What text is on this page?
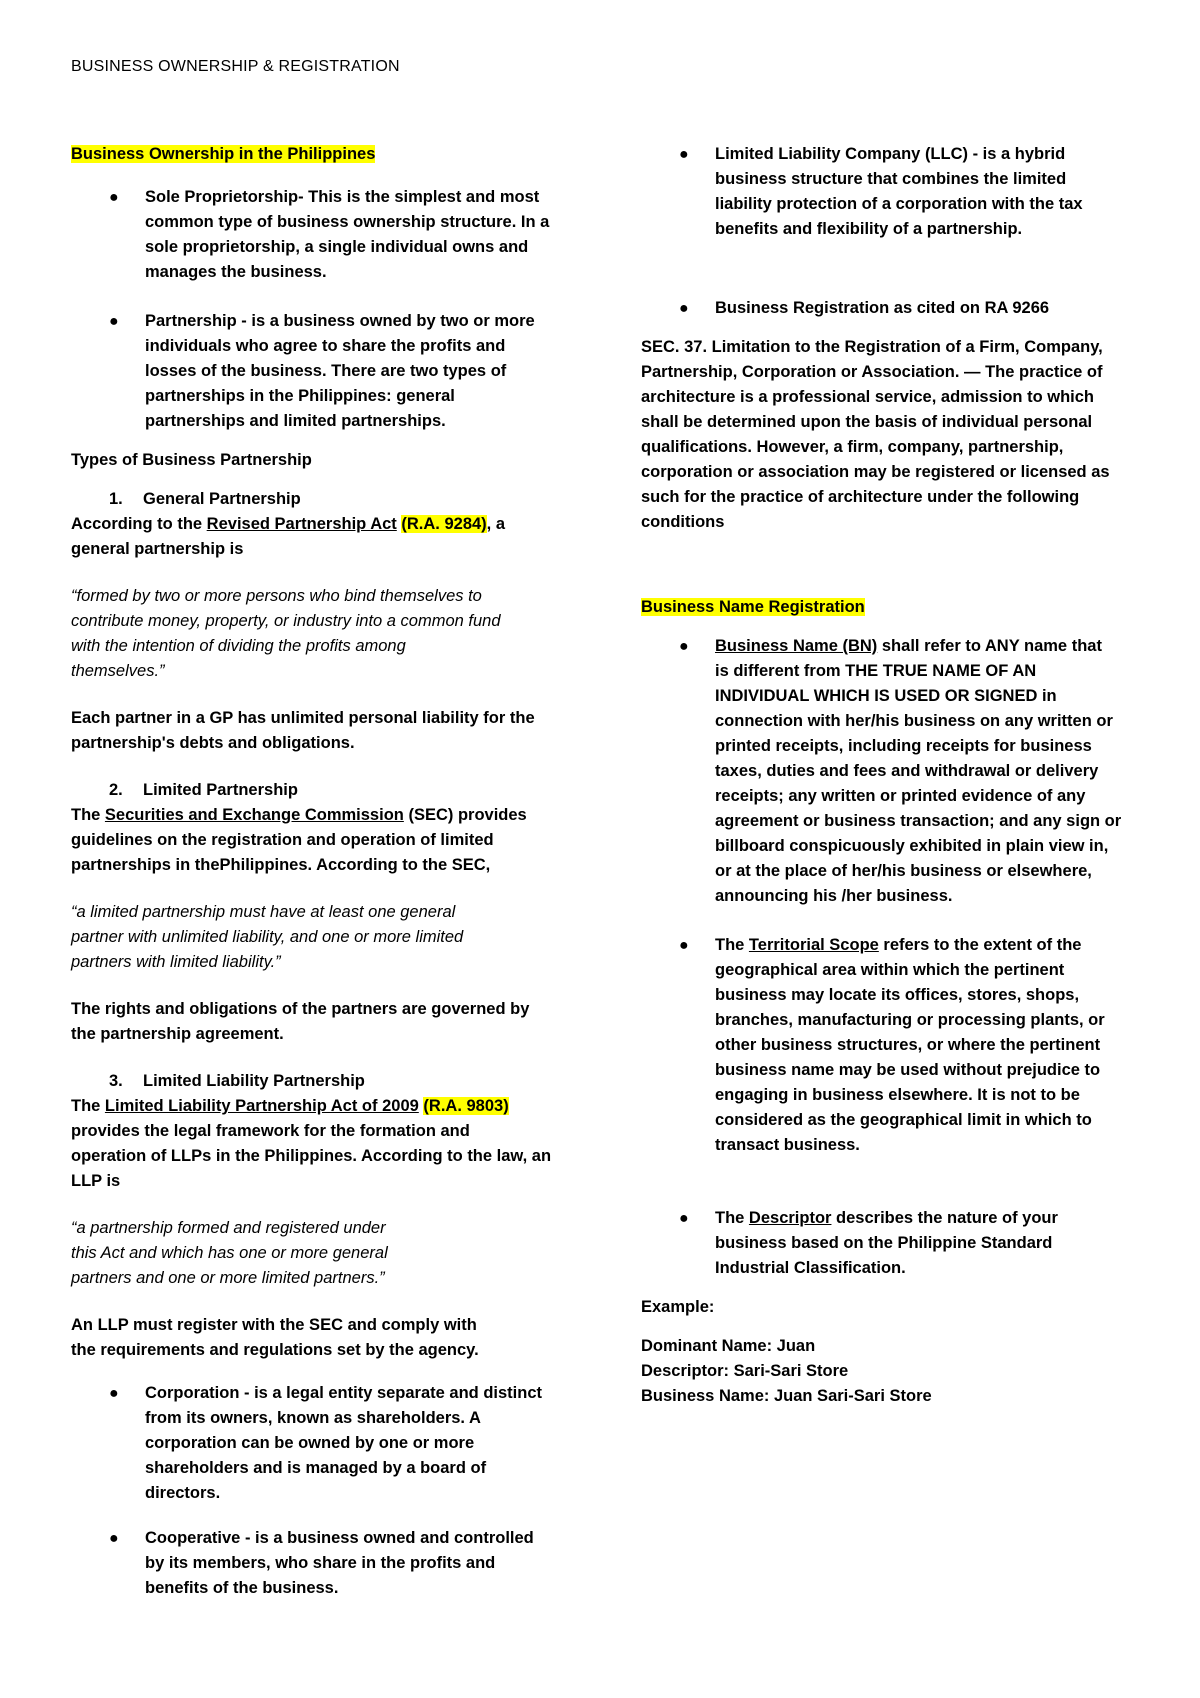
BUSINESS OWNERSHIP & REGISTRATION

Business Ownership in the Philippines

● Sole Proprietorship- This is the simplest and most
common type of business ownership structure. In a
sole proprietorship, a single individual owns and
manages the business.
● Partnership - is a business owned by two or more
individuals who agree to share the profits and
losses of the business. There are two types of
partnerships in the Philippines: general
partnerships and limited partnerships.

Types of Business Partnership

1. General Partnership

According to the Revised Partnership Act (R.A. 9284), a

general partnership is

“formed by two or more persons who bind themselves to
contribute money, property, or industry into a common fund
with the intention of dividing the profits among
themselves.”
Each partner in a GP has unlimited personal liability for the
partnership's debts and obligations.
2. Limited Partnership

The Securities and Exchange Commission (SEC) provides

guidelines on the registration and operation of limited

partnerships in thePhilippines. According to the SEC,

“a limited partnership must have at least one general
partner with unlimited liability, and one or more limited
partners with limited liability.”
The rights and obligations of the partners are governed by
the partnership agreement.
3. Limited Liability Partnership

The Limited Liability Partnership Act of 2009 (R.A. 9803)

provides the legal framework for the formation and

operation of LLPs in the Philippines. According to the law, an

LLP is

“a partnership formed and registered under
this Act and which has one or more general
partners and one or more limited partners.”
An LLP must register with the SEC and comply with
the requirements and regulations set by the agency.
● Corporation - is a legal entity separate and distinct
from its owners, known as shareholders. A
corporation can be owned by one or more
shareholders and is managed by a board of
directors.
● Cooperative - is a business owned and controlled
by its members, who share in the profits and
benefits of the business.
● Limited Liability Company (LLC) - is a hybrid
business structure that combines the limited
liability protection of a corporation with the tax
benefits and flexibility of a partnership.
● Business Registration as cited on RA 9266
SEC. 37. Limitation to the Registration of a Firm, Company,
Partnership, Corporation or Association. — The practice of
architecture is a professional service, admission to which
shall be determined upon the basis of individual personal
qualifications. However, a firm, company, partnership,
corporation or association may be registered or licensed as
such for the practice of architecture under the following
conditions

Business Name Registration

● Business Name (BN) shall refer to ANY name that
is different from THE TRUE NAME OF AN
INDIVIDUAL WHICH IS USED OR SIGNED in
connection with her/his business on any written or
printed receipts, including receipts for business
taxes, duties and fees and withdrawal or delivery
receipts; any written or printed evidence of any
agreement or business transaction; and any sign or
billboard conspicuously exhibited in plain view in,
or at the place of her/his business or elsewhere,
announcing his /her business.
● The Territorial Scope refers to the extent of the
geographical area within which the pertinent
business may locate its offices, stores, shops,
branches, manufacturing or processing plants, or
other business structures, or where the pertinent
business name may be used without prejudice to
engaging in business elsewhere. It is not to be
considered as the geographical limit in which to
transact business.
● The Descriptor describes the nature of your
business based on the Philippine Standard
Industrial Classification.

Example:

Dominant Name: Juan
Descriptor: Sari-Sari Store
Business Name: Juan Sari-Sari Store
